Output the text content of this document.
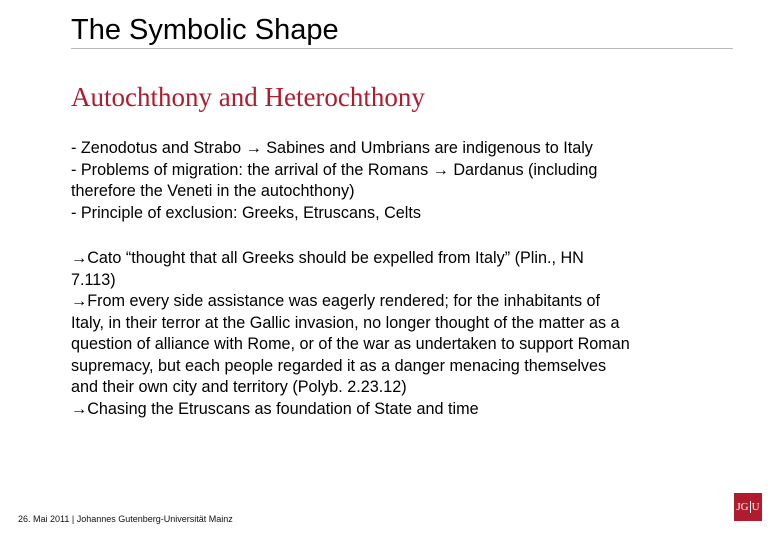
The Symbolic Shape
Autochthony and Heterochthony

- Zenodotus and Strabo → Sabines and Umbrians are indigenous to Italy

- Problems of migration: the arrival of the Romans → Dardanus (including therefore the Veneti in the autochthony)

- Principle of exclusion: Greeks, Etruscans, Celts

→Cato “thought that all Greeks should be expelled from Italy” (Plin., HN 7.113)

→From every side assistance was eagerly rendered; for the inhabitants of Italy, in their terror at the Gallic invasion, no longer thought of the matter as a question of alliance with Rome, or of the war as undertaken to support Roman supremacy, but each people regarded it as a danger menacing themselves and their own city and territory (Polyb. 2.23.12)

→Chasing the Etruscans as foundation of State and time

26. Mai 2011 | Johannes Gutenberg-Universität Mainz
JG U
